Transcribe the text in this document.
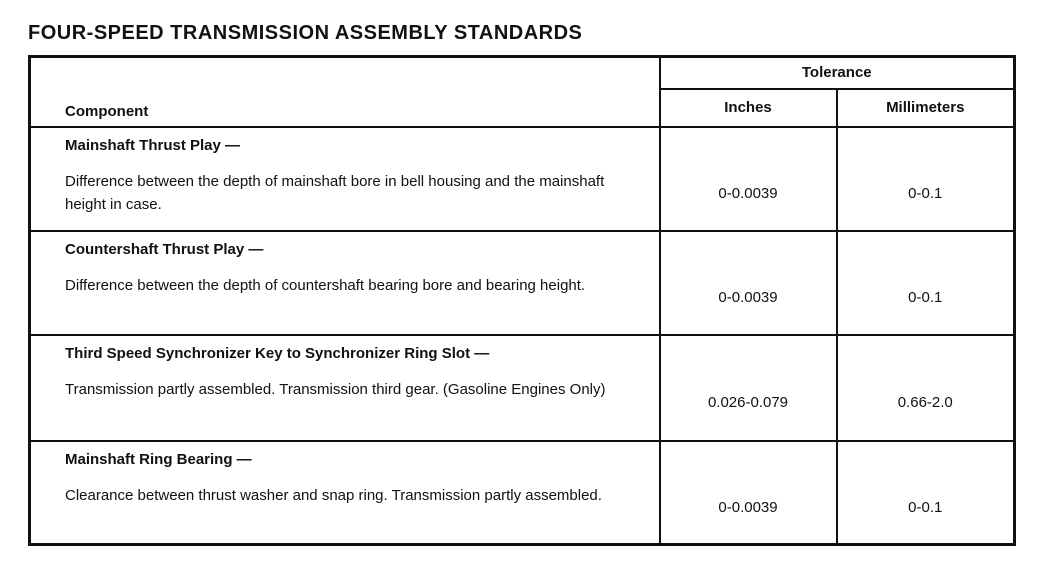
FOUR-SPEED TRANSMISSION ASSEMBLY STANDARDS
Component	Tolerance	
	Inches	Millimeters

Mainshaft Thrust Play —
Difference between the depth of mainshaft bore in bell housing and the mainshaft height in case.	0-0.0039	0-0.1

Countershaft Thrust Play —
Difference between the depth of countershaft bearing bore and bearing height.	0-0.0039	0-0.1

Third Speed Synchronizer Key to Synchronizer Ring Slot —
Transmission partly assembled. Transmission third gear. (Gasoline Engines Only)	0.026-0.079	0.66-2.0

Mainshaft Ring Bearing —
Clearance between thrust washer and snap ring. Transmission partly assembled.	0-0.0039	0-0.1
